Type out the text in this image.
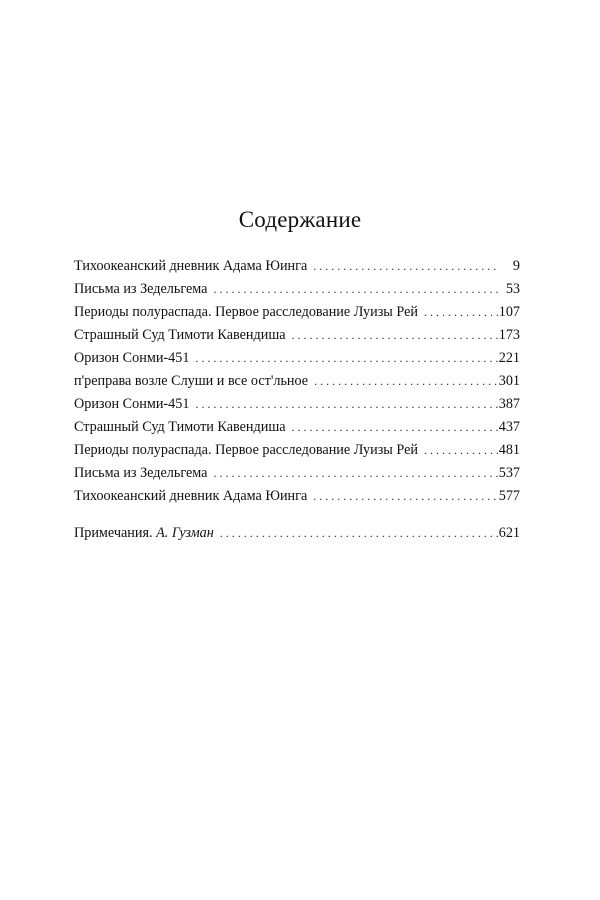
Содержание
Тихоокеанский дневник Адама Юинга . . .	9
Письма из Зедельгема . . .	53
Периоды полураспада. Первое расследование Луизы Рей . . .	107
Страшный Суд Тимоти Кавендиша . . .	173
Оризон Сонми-451 . . .	221
п'реправа возле Слуши и все ост'льное . . .	301
Оризон Сонми-451 . . .	387
Страшный Суд Тимоти Кавендиша . . .	437
Периоды полураспада. Первое расследование Луизы Рей . . .	481
Письма из Зедельгема . . .	537
Тихоокеанский дневник Адама Юинга . . .	577
Примечания. А. Гузман . . .	621
